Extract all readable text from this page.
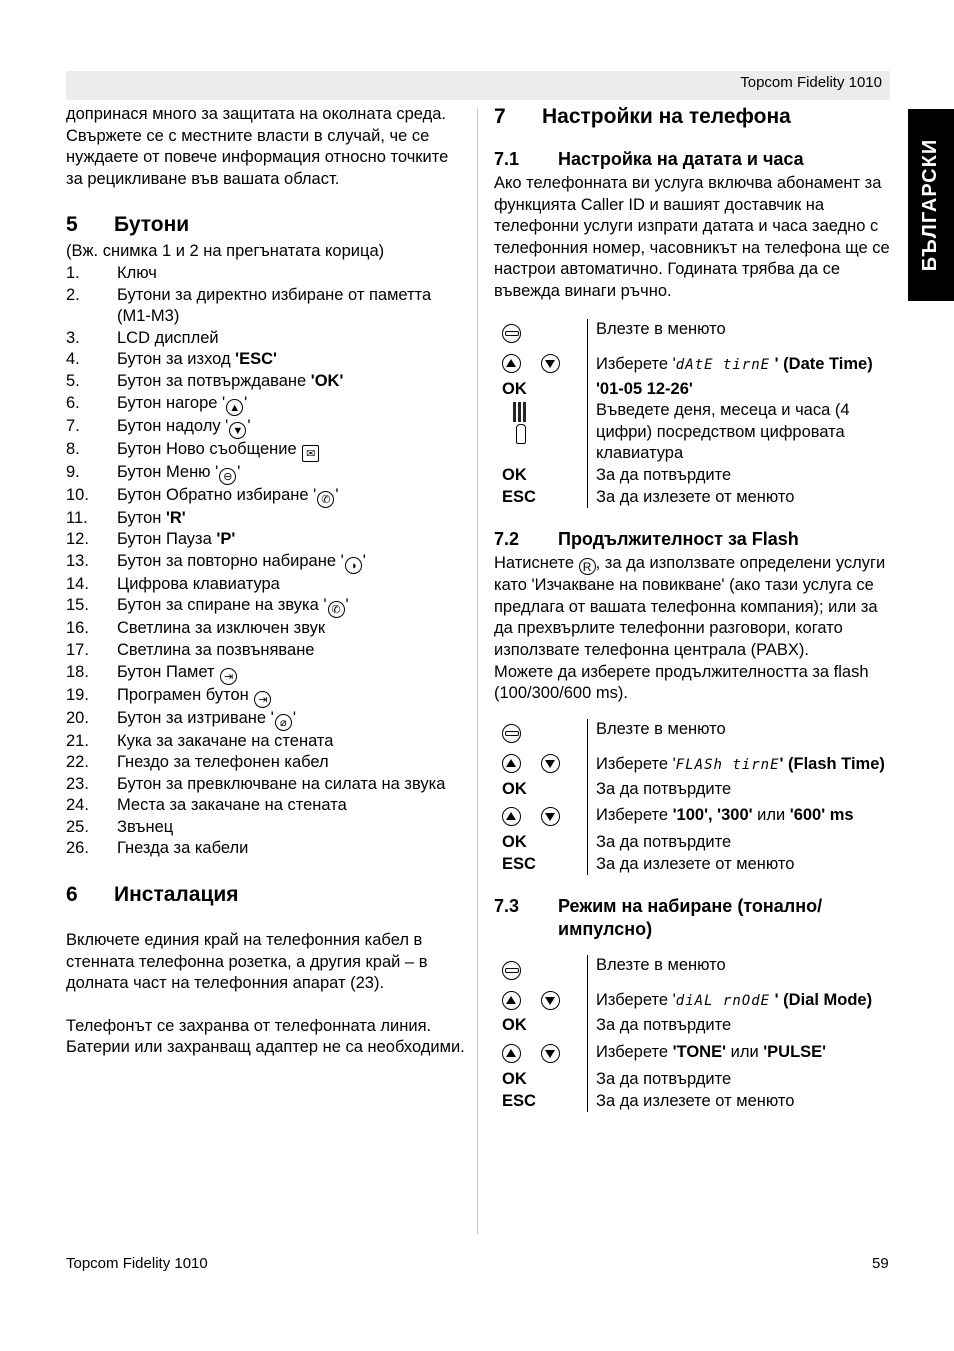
Topcom Fidelity 1010
БЪЛГАРСКИ

допринася много за защитата на околната среда.

Свържете се с местните власти в случай, че се нуждаете от повече информация относно точките за рецикливане във вашата област.

5	Бутони

(Вж. снимка 1 и 2 на прегънатата корица)

1.	Ключ
2.	Бутони за директно избиране от паметта (М1-М3)
3.	LCD дисплей
4.	Бутон за изход 'ESC'
5.	Бутон за потвърждаване 'OK'
6.	Бутон нагоре ' ▲ '
7.	Бутон надолу ' ▼ '
8.	Бутон Ново съобщение ✉
9.	Бутон Меню ' ⊖ '
10.	Бутон Обратно избиране ' ✆ '
11.	Бутон 'R'
12.	Бутон Пауза 'P'
13.	Бутон за повторно набиране ' ◑ '
14.	Цифрова клавиатура
15.	Бутон за спиране на звука ' ✆ '
16.	Светлина за изключен звук
17.	Светлина за позвъняване
18.	Бутон Памет ⇥
19.	Програмен бутон ⇥
20.	Бутон за изтриване ' ⌀ '
21.	Кука за закачане на стената
22.	Гнездо за телефонен кабел
23.	Бутон за превключване на силата на звука
24.	Места за закачане на стената
25.	Звънец
26.	Гнезда за кабели
6	Инсталация

Включете единия край на телефонния кабел в стенната телефонна розетка, а другия край – в долната част на телефонния апарат (23).

Телефонът се захранва от телефонната линия. Батерии или захранващ адаптер не са необходими.

7	Настройки на телефона
7.1	Настройка на датата и часа

Ако телефонната ви услуга включва абонамент за функцията Caller ID и вашият доставчик на телефонни услуги изпрати датата и часа заедно с телефонния номер, часовникът на телефона ще се настрои автоматично. Годината трябва да се въвежда винаги ръчно.

Влезте в менюто
Изберете 'dAtE tirnE ' (Date Time)
OK	'01-05 12-26'
Въведете деня, месеца и часа (4 цифри) посредством цифровата клавиатура
OK	За да потвърдите
ESC	За да излезете от менюто
7.2	Продължителност за Flash

Натиснете R , за да използвате определени услуги като 'Изчакване на повикване' (ако тази услуга се предлага от вашата телефонна компания); или за да прехвърлите телефонни разговори, когато използвате телефонна централа (PABX).

Можете да изберете продължителността за flash (100/300/600 ms).

Влезте в менюто
Изберете 'FLASh tirnE' (Flash Time)
OK	За да потвърдите
Изберете '100', '300' или '600' ms
OK	За да потвърдите
ESC	За да излезете от менюто
7.3	Режим на набиране (тонално/ импулсно)
Влезте в менюто
Изберете 'diAL rnOdE ' (Dial Mode)
OK	За да потвърдите
Изберете 'TONE' или 'PULSE'
OK	За да потвърдите
ESC	За да излезете от менюто
Topcom Fidelity 1010	59
